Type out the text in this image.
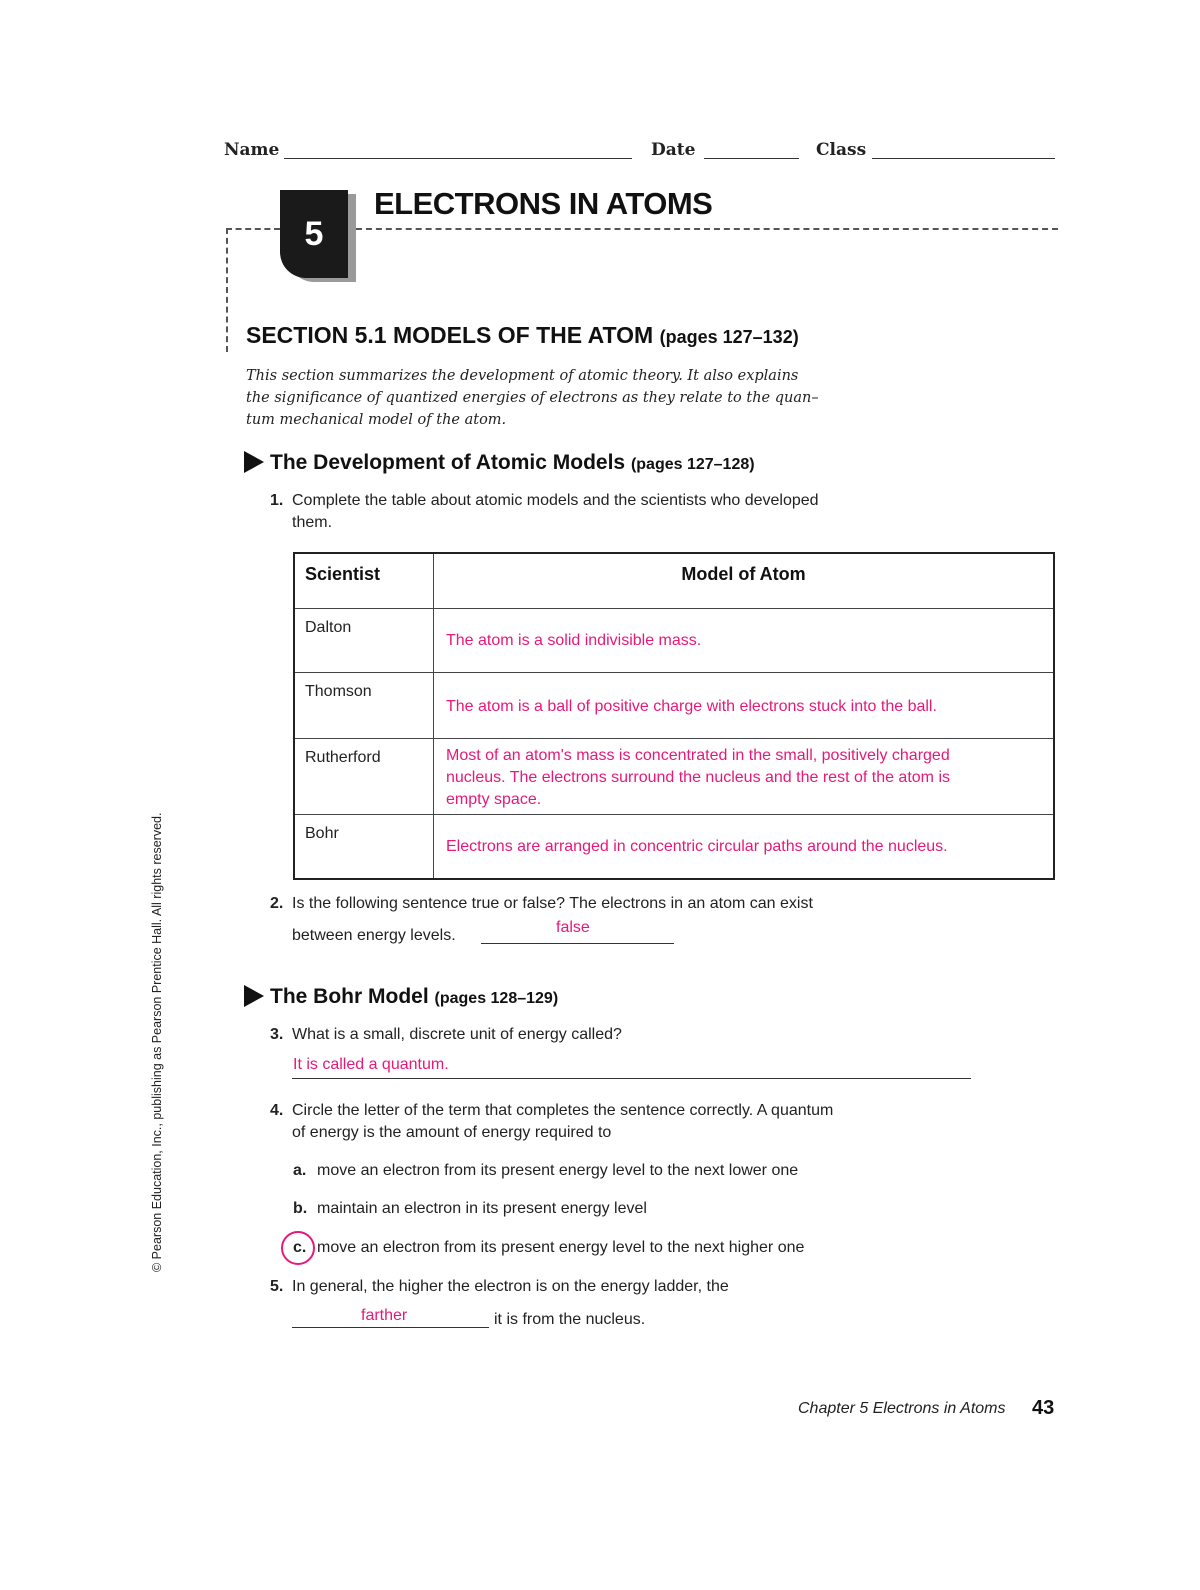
Name	Date	Class
5
ELECTRONS IN ATOMS
SECTION 5.1 MODELS OF THE ATOM (pages 127–132)
This section summarizes the development of atomic theory. It also explains
the significance of quantized energies of electrons as they relate to the quan–
tum mechanical model of the atom.
The Development of Atomic Models (pages 127–128)
1. Complete the table about atomic models and the scientists who developed
them.
Scientist	Model of Atom
Dalton	The atom is a solid indivisible mass.

Thomson	The atom is a ball of positive charge with electrons stuck into the ball.

Rutherford	Most of an atom's mass is concentrated in the small, positively charged
nucleus. The electrons surround the nucleus and the rest of the atom is
empty space.

Bohr	Electrons are arranged in concentric circular paths around the nucleus.
2. Is the following sentence true or false? The electrons in an atom can exist
between energy levels.	false
The Bohr Model (pages 128–129)
3. What is a small, discrete unit of energy called?
It is called a quantum.
4. Circle the letter of the term that completes the sentence correctly. A quantum
of energy is the amount of energy required to
a. move an electron from its present energy level to the next lower one
b. maintain an electron in its present energy level
c. move an electron from its present energy level to the next higher one
5. In general, the higher the electron is on the energy ladder, the
farther	it is from the nucleus.
Chapter 5 Electrons in Atoms 43
© Pearson Education, Inc., publishing as Pearson Prentice Hall. All rights reserved.
